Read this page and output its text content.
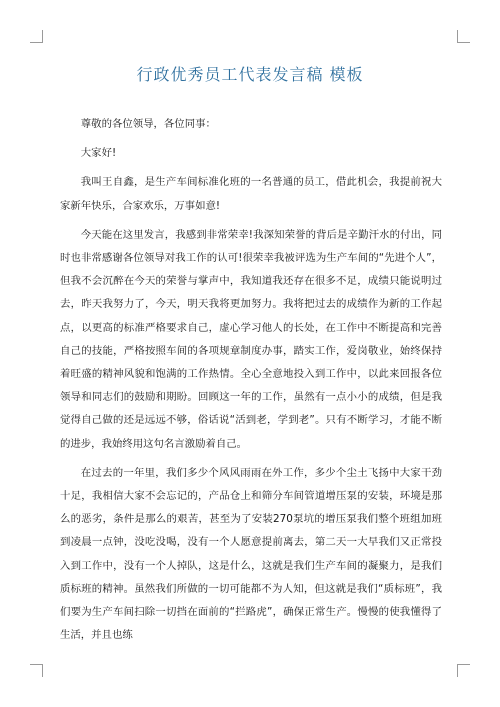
行政优秀员工代表发言稿 模板

尊敬的各位领导，各位同事：

大家好!

我叫王自鑫，是生产车间标准化班的一名普通的员工，借此机会，我提前祝大家新年快乐，合家欢乐，万事如意!

今天能在这里发言，我感到非常荣幸!我深知荣誉的背后是辛勤汗水的付出，同时也非常感谢各位领导对我工作的认可!很荣幸我被评选为生产车间的“先进个人”，但我不会沉醉在今天的荣誉与掌声中，我知道我还存在很多不足，成绩只能说明过去，昨天我努力了，今天，明天我将更加努力。我将把过去的成绩作为新的工作起点，以更高的标准严格要求自己，虚心学习他人的长处，在工作中不断提高和完善自己的技能，严格按照车间的各项规章制度办事，踏实工作，爱岗敬业，始终保持着旺盛的精神风貌和饱满的工作热情。全心全意地投入到工作中，以此来回报各位领导和同志们的鼓励和期盼。回顾这一年的工作，虽然有一点小小的成绩，但是我觉得自己做的还是远远不够，俗话说“活到老，学到老”。只有不断学习，才能不断的进步，我始终用这句名言激励着自己。

在过去的一年里，我们多少个风风雨雨在外工作，多少个尘土飞扬中大家干劲十足，我相信大家不会忘记的，产品仓上和筛分车间管道增压泵的安装，环境是那么的恶劣，条件是那么的艰苦，甚至为了安装270泵坑的增压泵我们整个班组加班到凌晨一点钟，没吃没喝，没有一个人愿意提前离去，第二天一大早我们又正常投入到工作中，没有一个人掉队，这是什么，这就是我们生产车间的凝聚力，是我们质标班的精神。虽然我们所做的一切可能都不为人知，但这就是我们“质标班”，我们要为生产车间扫除一切挡在面前的“拦路虎”，确保正常生产。慢慢的使我懂得了生活，并且也练
